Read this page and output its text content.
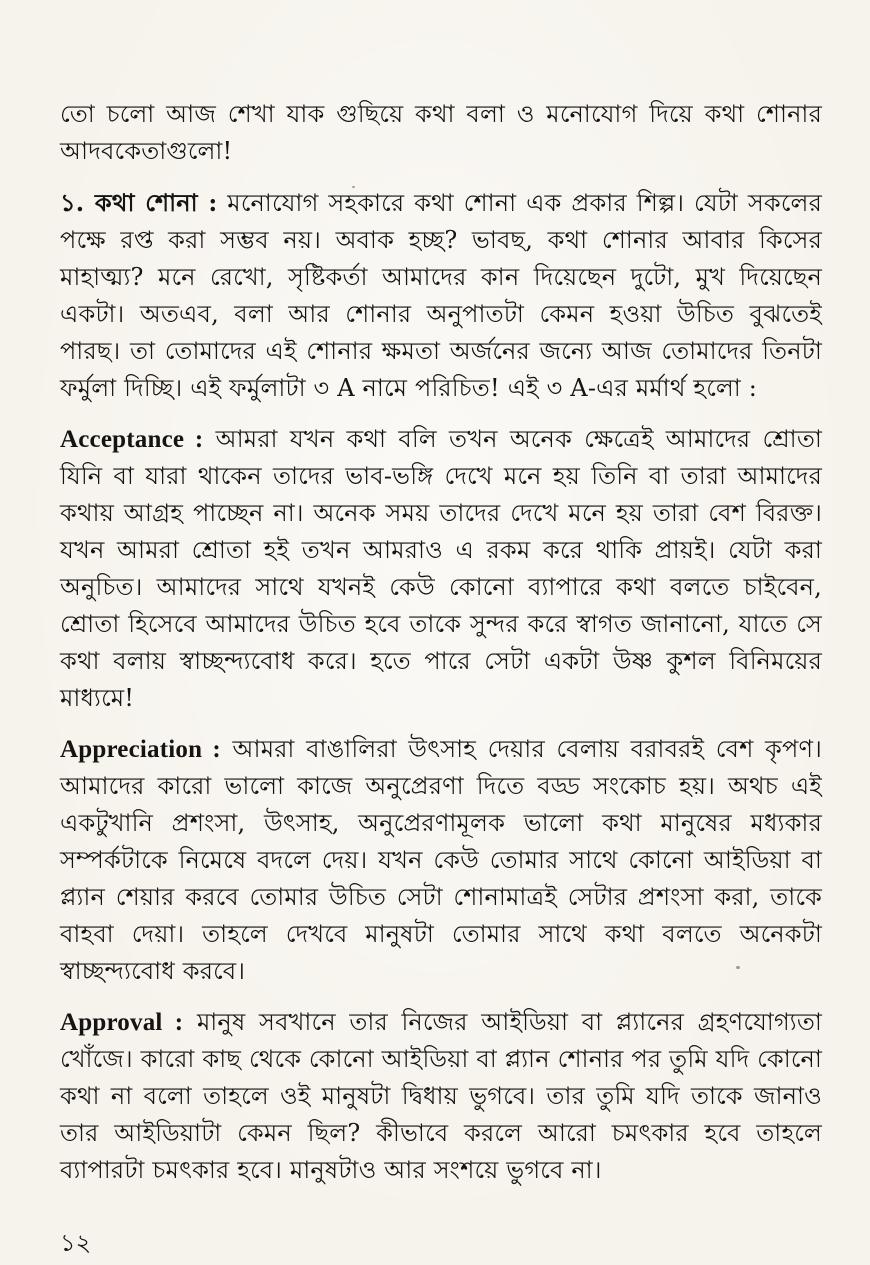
তো চলো আজ শেখা যাক গুছিয়ে কথা বলা ও মনোযোগ দিয়ে কথা শোনার আদবকেতাগুলো!

১. কথা শোনা : মনোযোগ সহকারে কথা শোনা এক প্রকার শিল্প। যেটা সকলের পক্ষে রপ্ত করা সম্ভব নয়। অবাক হচ্ছ? ভাবছ, কথা শোনার আবার কিসের মাহাত্ম্য? মনে রেখো, সৃষ্টিকর্তা আমাদের কান দিয়েছেন দুটো, মুখ দিয়েছেন একটা। অতএব, বলা আর শোনার অনুপাতটা কেমন হওয়া উচিত বুঝতেই পারছ। তা তোমাদের এই শোনার ক্ষমতা অর্জনের জন্যে আজ তোমাদের তিনটা ফর্মুলা দিচ্ছি। এই ফর্মুলাটা ৩ A নামে পরিচিত! এই ৩ A-এর মর্মার্থ হলো :

Acceptance : আমরা যখন কথা বলি তখন অনেক ক্ষেত্রেই আমাদের শ্রোতা যিনি বা যারা থাকেন তাদের ভাব-ভঙ্গি দেখে মনে হয় তিনি বা তারা আমাদের কথায় আগ্রহ পাচ্ছেন না। অনেক সময় তাদের দেখে মনে হয় তারা বেশ বিরক্ত। যখন আমরা শ্রোতা হই তখন আমরাও এ রকম করে থাকি প্রায়ই। যেটা করা অনুচিত। আমাদের সাথে যখনই কেউ কোনো ব্যাপারে কথা বলতে চাইবেন, শ্রোতা হিসেবে আমাদের উচিত হবে তাকে সুন্দর করে স্বাগত জানানো, যাতে সে কথা বলায় স্বাচ্ছন্দ্যবোধ করে। হতে পারে সেটা একটা উষ্ণ কুশল বিনিময়ের মাধ্যমে!

Appreciation : আমরা বাঙালিরা উৎসাহ দেয়ার বেলায় বরাবরই বেশ কৃপণ। আমাদের কারো ভালো কাজে অনুপ্রেরণা দিতে বড্ড সংকোচ হয়। অথচ এই একটুখানি প্রশংসা, উৎসাহ, অনুপ্রেরণামূলক ভালো কথা মানুষের মধ্যকার সম্পর্কটাকে নিমেষে বদলে দেয়। যখন কেউ তোমার সাথে কোনো আইডিয়া বা প্ল্যান শেয়ার করবে তোমার উচিত সেটা শোনামাত্রই সেটার প্রশংসা করা, তাকে বাহবা দেয়া। তাহলে দেখবে মানুষটা তোমার সাথে কথা বলতে অনেকটা স্বাচ্ছন্দ্যবোধ করবে।

Approval : মানুষ সবখানে তার নিজের আইডিয়া বা প্ল্যানের গ্রহণযোগ্যতা খোঁজে। কারো কাছ থেকে কোনো আইডিয়া বা প্ল্যান শোনার পর তুমি যদি কোনো কথা না বলো তাহলে ওই মানুষটা দ্বিধায় ভুগবে। তার তুমি যদি তাকে জানাও তার আইডিয়াটা কেমন ছিল? কীভাবে করলে আরো চমৎকার হবে তাহলে ব্যাপারটা চমৎকার হবে। মানুষটাও আর সংশয়ে ভুগবে না।

১২
